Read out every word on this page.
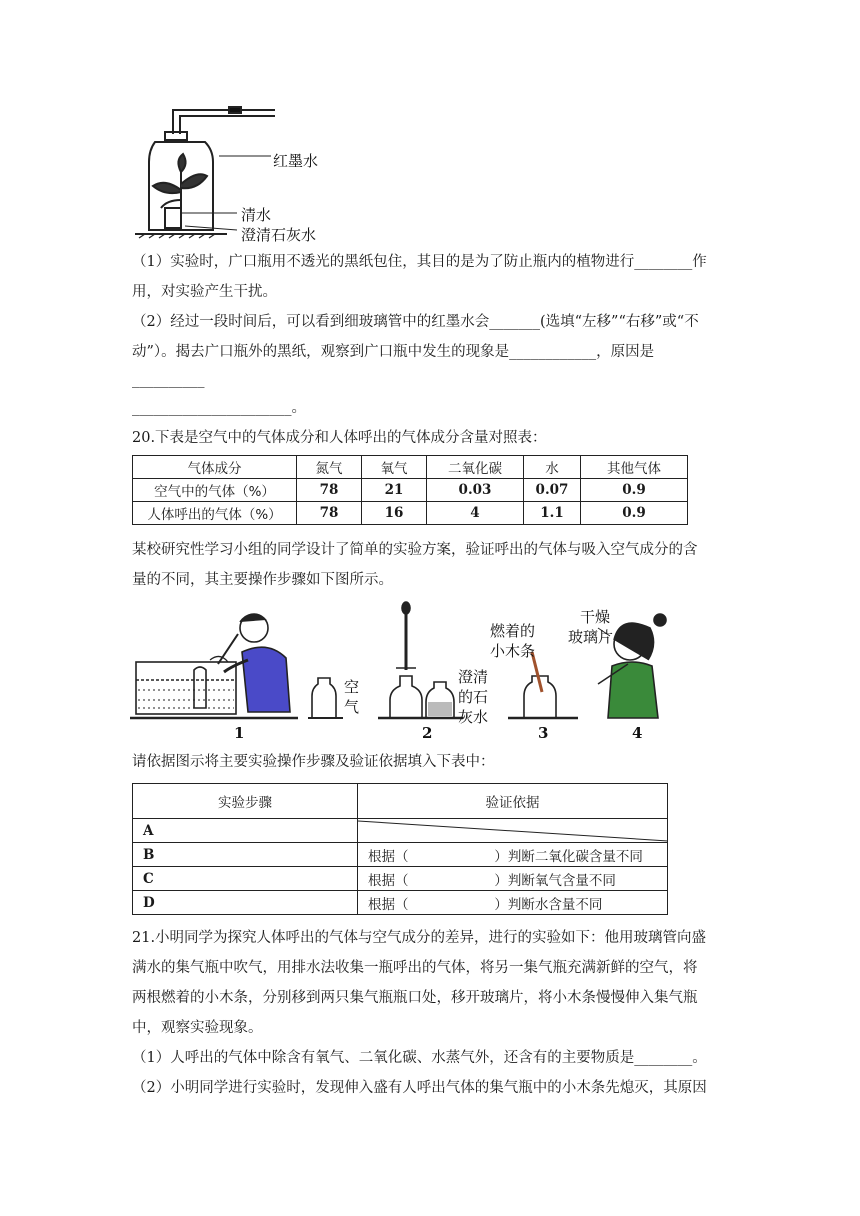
红墨水
清水
澄清石灰水
（1）实验时，广口瓶用不透光的黑纸包住，其目的是为了防止瓶内的植物进行________作
用，对实验产生干扰。
（2）经过一段时间后，可以看到细玻璃管中的红墨水会_______(选填“左移”“右移”或“不
动”）。揭去广口瓶外的黑纸，观察到广口瓶中发生的现象是____________，原因是
__________
______________________。
20.下表是空气中的气体成分和人体呼出的气体成分含量对照表：
气体成分	氮气	氧气	二氧化碳	水	其他气体
空气中的气体（%）	78	21	0.03	0.07	0.9
人体呼出的气体（%）	78	16	4	1.1	0.9
某校研究性学习小组的同学设计了简单的实验方案，验证呼出的气体与吸入空气成分的含
量的不同，其主要操作步骤如下图所示。
1	2	3	4
空
气
澄清
的石
灰水
燃着的
小木条
干燥
玻璃片
请依据图示将主要实验操作步骤及验证依据填入下表中：
实验步骤	验证依据
A	

B	根据（                    ）判断二氧化碳含量不同
C	根据（                    ）判断氧气含量不同
D	根据（                    ）判断水含量不同
21.小明同学为探究人体呼出的气体与空气成分的差异，进行的实验如下：他用玻璃管向盛
满水的集气瓶中吹气，用排水法收集一瓶呼出的气体，将另一集气瓶充满新鲜的空气，将
两根燃着的小木条，分别移到两只集气瓶瓶口处，移开玻璃片，将小木条慢慢伸入集气瓶
中，观察实验现象。
（1）人呼出的气体中除含有氧气、二氧化碳、水蒸气外，还含有的主要物质是________。
（2）小明同学进行实验时，发现伸入盛有人呼出气体的集气瓶中的小木条先熄灭，其原因
